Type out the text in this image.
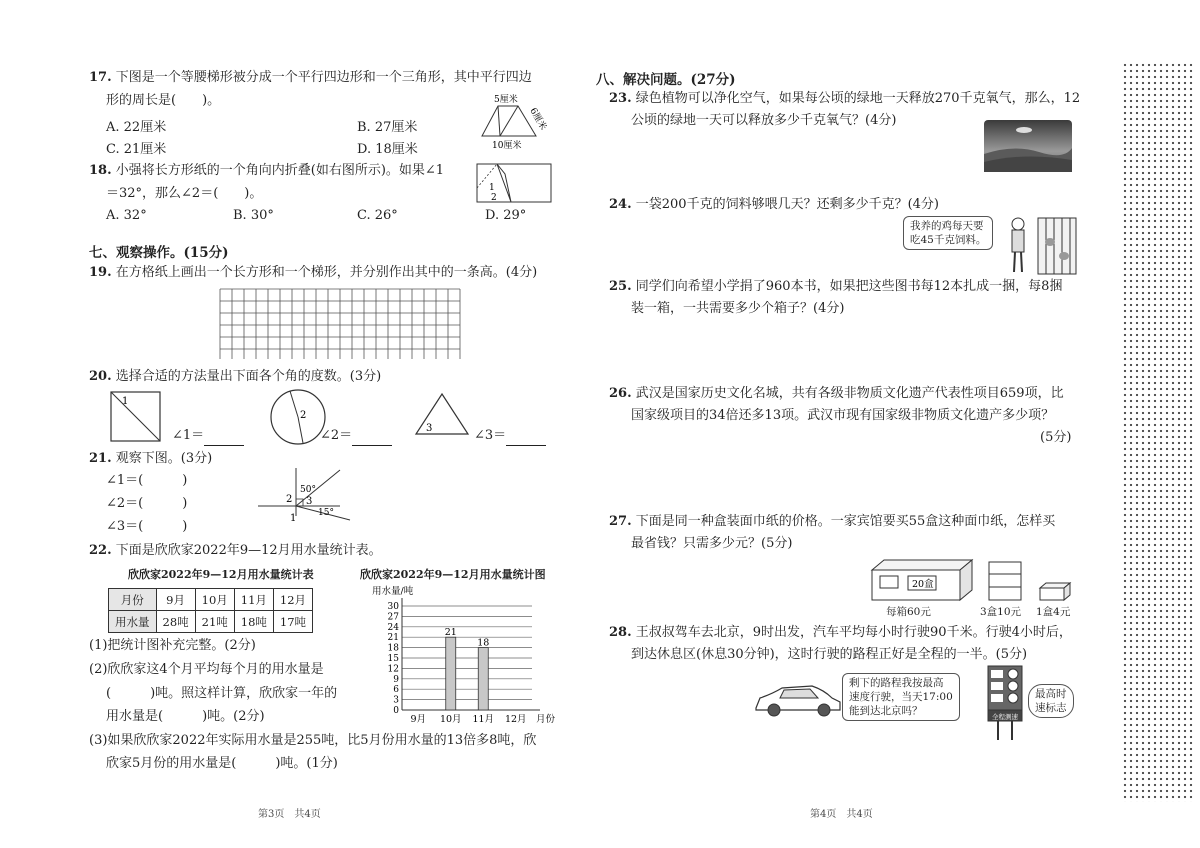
17. 下图是一个等腰梯形被分成一个平行四边形和一个三角形，其中平行四边
形的周长是(　　)。
A. 22厘米	B. 27厘米
C. 21厘米	D. 18厘米
5厘米
6厘米
10厘米
18. 小强将长方形纸的一个角向内折叠(如右图所示)。如果∠1
＝32°，那么∠2＝(　　)。
A. 32°	B. 30°	C. 26°	D. 29°
1
2
七、观察操作。(15分)
19. 在方格纸上画出一个长方形和一个梯形，并分别作出其中的一条高。(4分)
20. 选择合适的方法量出下面各个角的度数。(3分)
1
∠1＝
2
∠2＝	3	∠3＝
21. 观察下图。(3分)
∠1＝(　　　)
∠2＝(　　　)
∠3＝(　　　)
50°
15°
2 3
1
22. 下面是欣欣家2022年9—12月用水量统计表。
欣欣家2022年9—12月用水量统计表
月份	9月	10月	11月	12月
用水量	28吨	21吨	18吨	17吨
欣欣家2022年9—12月用水量统计图
用水量/吨
0
3
6
9
12
15
18
21
24
27
30
9月
21
10月
18
11月 12月 月份
(1)把统计图补充完整。(2分)
(2)欣欣家这4个月平均每个月的用水量是
(　　　)吨。照这样计算，欣欣家一年的
用水量是(　　　)吨。(2分)
(3)如果欣欣家2022年实际用水量是255吨，比5月份用水量的13倍多8吨，欣
欣家5月份的用水量是(　　　)吨。(1分)
第3页　共4页
八、解决问题。(27分)
23. 绿色植物可以净化空气，如果每公顷的绿地一天释放270千克氧气，那么，12
公顷的绿地一天可以释放多少千克氧气？(4分)
24. 一袋200千克的饲料够喂几天？还剩多少千克？(4分)
我养的鸡每天要
吃45千克饲料。
25. 同学们向希望小学捐了960本书，如果把这些图书每12本扎成一捆，每8捆
装一箱，一共需要多少个箱子？(4分)
26. 武汉是国家历史文化名城，共有各级非物质文化遗产代表性项目659项，比
国家级项目的34倍还多13项。武汉市现有国家级非物质文化遗产多少项？
(5分)
27. 下面是同一种盒装面巾纸的价格。一家宾馆要买55盒这种面巾纸，怎样买
最省钱？只需多少元？(5分)
20盒
每箱60元	3盒10元 1盒4元
28. 王叔叔驾车去北京，9时出发，汽车平均每小时行驶90千米。行驶4小时后，
到达休息区(休息30分钟)，这时行驶的路程正好是全程的一半。(5分)
剩下的路程我按最高
速度行驶，当天17:00
能到达北京吗？	全程测速
最高时
速标志
第4页　共4页
